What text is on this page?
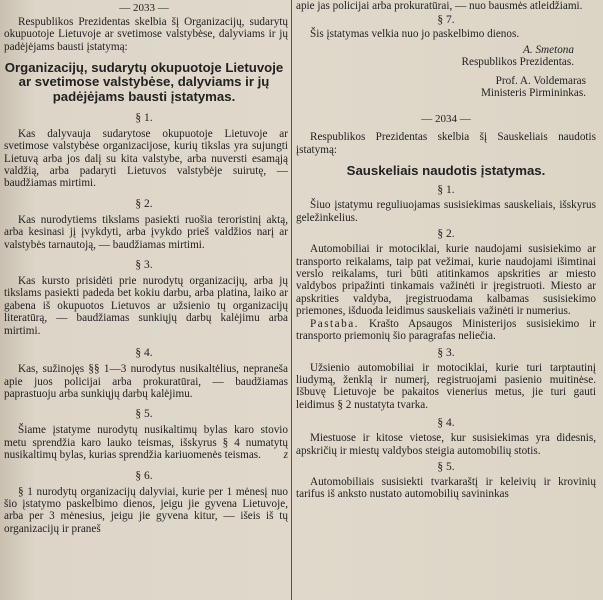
— 2033 —

Respublikos Prezidentas skelbia šį Organizacijų, sudarytų okupuotoje Lietuvoje ar svetimose valstybėse, dalyviams ir jų padėjėjams bausti įstatymą:

Organizacijų, sudarytų okupuotoje Lietuvoje ar svetimose valstybėse, dalyviams ir jų padėjėjams bausti įstatymas.

§ 1.

Kas dalyvauja sudarytose okupuotoje Lietuvoje ar svetimose valstybėse organizacijose, kurių tikslas yra sujungti Lietuvą arba jos dalį su kita valstybe, arba nuversti esamąją valdžią, arba padaryti Lietuvos valstybėje suirutę, — baudžiamas mirtimi.

§ 2.

Kas nurodytiems tikslams pasiekti ruošia teroristinį aktą, arba kesinasi jį įvykdyti, arba įvykdo prieš valdžios narį ar valstybės tarnautoją, — baudžiamas mirtimi.

§ 3.

Kas kursto prisidėti prie nurodytų organizacijų, arba jų tikslams pasiekti padeda bet kokiu darbu, arba platina, laiko ar gabena iš okupuotos Lietuvos ar užsienio tų organizacijų literatūrą, — baudžiamas sunkiųjų darbų kalėjimu arba mirtimi.

§ 4.

Kas, sužinojęs §§ 1—3 nurodytus nusikaltėlius, nepraneša apie juos policijai arba prokuratūrai, — baudžiamas paprastuoju arba sunkiųjų darbų kalėjimu.

§ 5.

Šiame įstatyme nurodytų nusikaltimų bylas karo stovio metu sprendžia karo lauko teismas, išskyrus § 4 numatytų nusikaltimų bylas, kurias sprendžia kariuomenės teismas.	z

§ 6.

§ 1 nurodytų organizacijų dalyviai, kurie per 1 mėnesį nuo šio įstatymo paskelbimo dienos, jeigu jie gyvena Lietuvoje, arba per 3 mėnesius, jeigu jie gyvena kitur, — išeis iš tų organizacijų ir praneš

apie jas policijai arba prokuratūrai, — nuo bausmės atleidžiami.

§ 7.

Šis įstatymas velkia nuo jo paskelbimo dienos.

A. Smetona
Respublikos Prezidentas.
Prof. A. Voldemaras
Ministeris Pirmininkas.
— 2034 —

Respublikos Prezidentas skelbia šį Sauskeliais naudotis įstatymą:

Sauskeliais naudotis įstatymas.

§ 1.

Šiuo įstatymu reguliuojamas susisiekimas sauskeliais, išskyrus geležinkelius.

§ 2.

Automobiliai ir motociklai, kurie naudojami susisiekimo ar transporto reikalams, taip pat vežimai, kurie naudojami išimtinai verslo reikalams, turi būti atitinkamos apskrities ar miesto valdybos pripažinti tinkamais važinėti ir įregistruoti. Miesto ar apskrities valdyba, įregistruodama kalbamas susisiekimo priemones, išduoda leidimus sauskeliais važinėti ir numerius.

Pastaba. Krašto Apsaugos Ministerijos susisiekimo ir transporto priemonių šio paragrafas neliečia.

§ 3.

Užsienio automobiliai ir motociklai, kurie turi tarptautinį liudymą, ženklą ir numerį, registruojami pasienio muitinėse. Išbuvę Lietuvoje be pakaitos vienerius metus, jie turi gauti leidimus § 2 nustatyta tvarka.

§ 4.

Miestuose ir kitose vietose, kur susisiekimas yra didesnis, apskričių ir miestų valdybos steigia automobilių stotis.

§ 5.

Automobiliais susisiekti tvarkaraštį ir keleivių ir krovinių tarifus iš anksto nustato automobilių savininkas
